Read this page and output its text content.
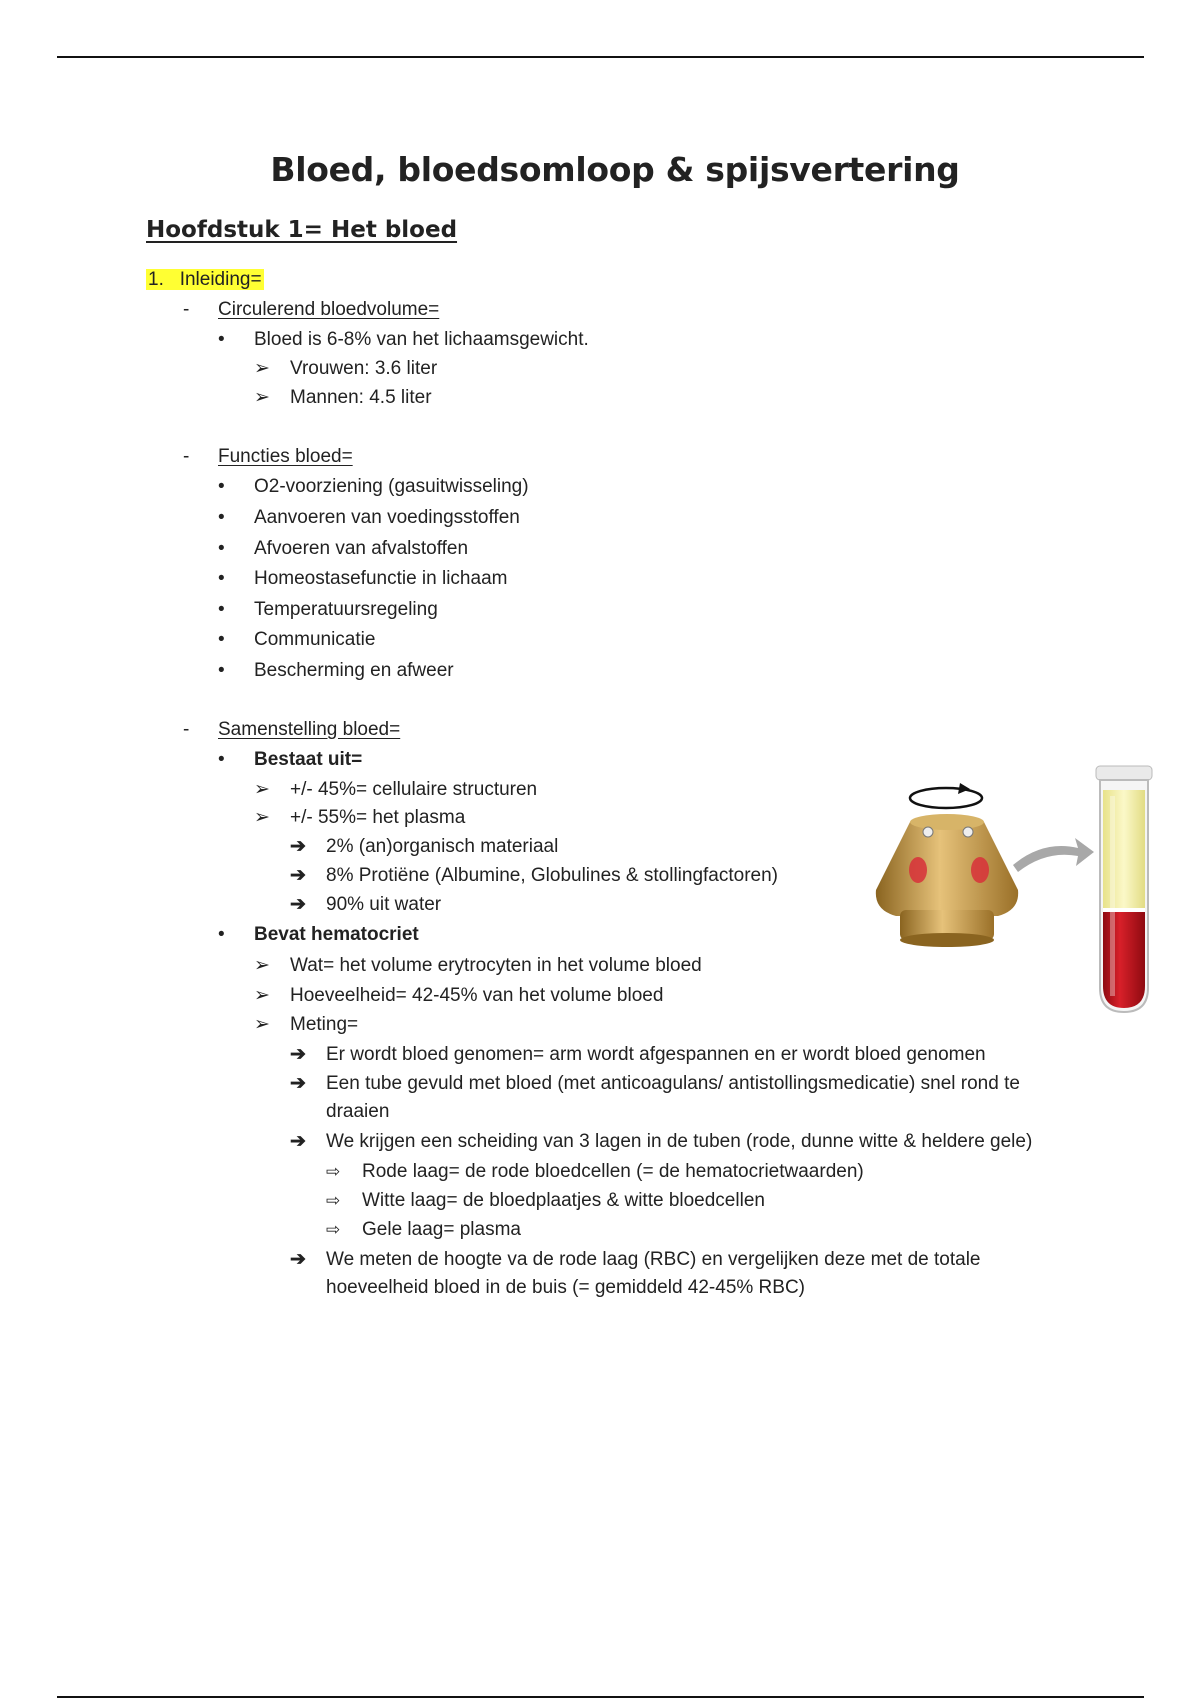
Bloed, bloedsomloop & spijsvertering
Hoofdstuk 1= Het bloed
1. Inleiding=
- Circulerend bloedvolume=
• Bloed is 6-8% van het lichaamsgewicht.
➢ Vrouwen: 3.6 liter
➢ Mannen: 4.5 liter
- Functies bloed=
• O2-voorziening (gasuitwisseling)
• Aanvoeren van voedingsstoffen
• Afvoeren van afvalstoffen
• Homeostasefunctie in lichaam
• Temperatuursregeling
• Communicatie
• Bescherming en afweer
- Samenstelling bloed=
• Bestaat uit=
➢ +/- 45%= cellulaire structuren
➢ +/- 55%= het plasma
➔ 2% (an)organisch materiaal
➔ 8% Protiëne (Albumine, Globulines & stollingfactoren)
➔ 90% uit water
• Bevat hematocriet
➢ Wat= het volume erytrocyten in het volume bloed
➢ Hoeveelheid= 42-45% van het volume bloed
➢ Meting=
➔ Er wordt bloed genomen= arm wordt afgespannen en er wordt bloed genomen
➔ Een tube gevuld met bloed (met anticoagulans/ antistollingsmedicatie) snel rond te
draaien
➔ We krijgen een scheiding van 3 lagen in de tuben (rode, dunne witte & heldere gele)
⇨ Rode laag= de rode bloedcellen (= de hematocrietwaarden)
⇨ Witte laag= de bloedplaatjes & witte bloedcellen
⇨ Gele laag= plasma
➔ We meten de hoogte va de rode laag (RBC) en vergelijken deze met de totale
hoeveelheid bloed in de buis (= gemiddeld 42-45% RBC)
